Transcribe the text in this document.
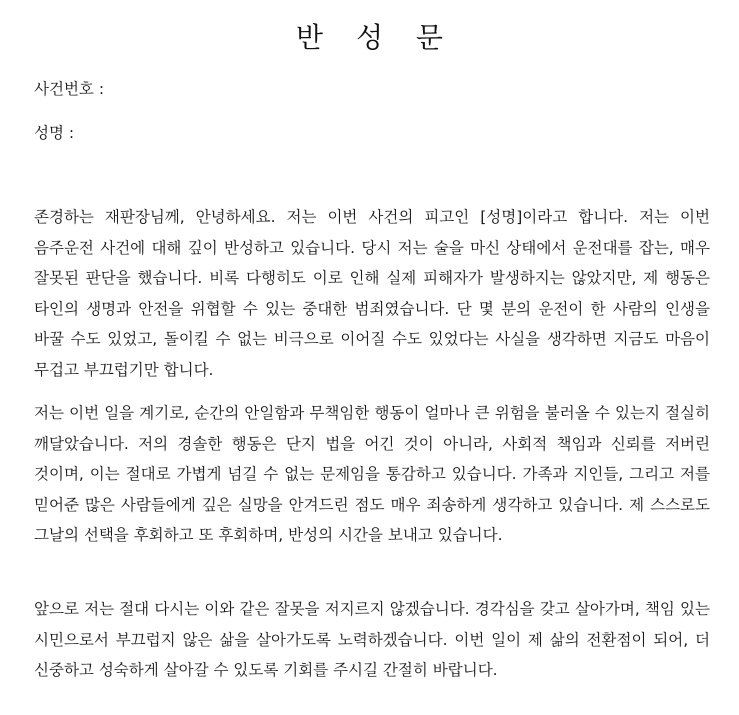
반 성 문
사건번호 :
성명 :

존경하는 재판장님께, 안녕하세요. 저는 이번 사건의 피고인 [성명]이라고 합니다. 저는 이번 음주운전 사건에 대해 깊이 반성하고 있습니다. 당시 저는 술을 마신 상태에서 운전대를 잡는, 매우 잘못된 판단을 했습니다. 비록 다행히도 이로 인해 실제 피해자가 발생하지는 않았지만, 제 행동은 타인의 생명과 안전을 위협할 수 있는 중대한 범죄였습니다. 단 몇 분의 운전이 한 사람의 인생을 바꿀 수도 있었고, 돌이킬 수 없는 비극으로 이어질 수도 있었다는 사실을 생각하면 지금도 마음이 무겁고 부끄럽기만 합니다.

저는 이번 일을 계기로, 순간의 안일함과 무책임한 행동이 얼마나 큰 위험을 불러올 수 있는지 절실히 깨달았습니다. 저의 경솔한 행동은 단지 법을 어긴 것이 아니라, 사회적 책임과 신뢰를 저버린 것이며, 이는 절대로 가볍게 넘길 수 없는 문제임을 통감하고 있습니다. 가족과 지인들, 그리고 저를 믿어준 많은 사람들에게 깊은 실망을 안겨드린 점도 매우 죄송하게 생각하고 있습니다. 제 스스로도 그날의 선택을 후회하고 또 후회하며, 반성의 시간을 보내고 있습니다.

앞으로 저는 절대 다시는 이와 같은 잘못을 저지르지 않겠습니다. 경각심을 갖고 살아가며, 책임 있는 시민으로서 부끄럽지 않은 삶을 살아가도록 노력하겠습니다. 이번 일이 제 삶의 전환점이 되어, 더 신중하고 성숙하게 살아갈 수 있도록 기회를 주시길 간절히 바랍니다.
